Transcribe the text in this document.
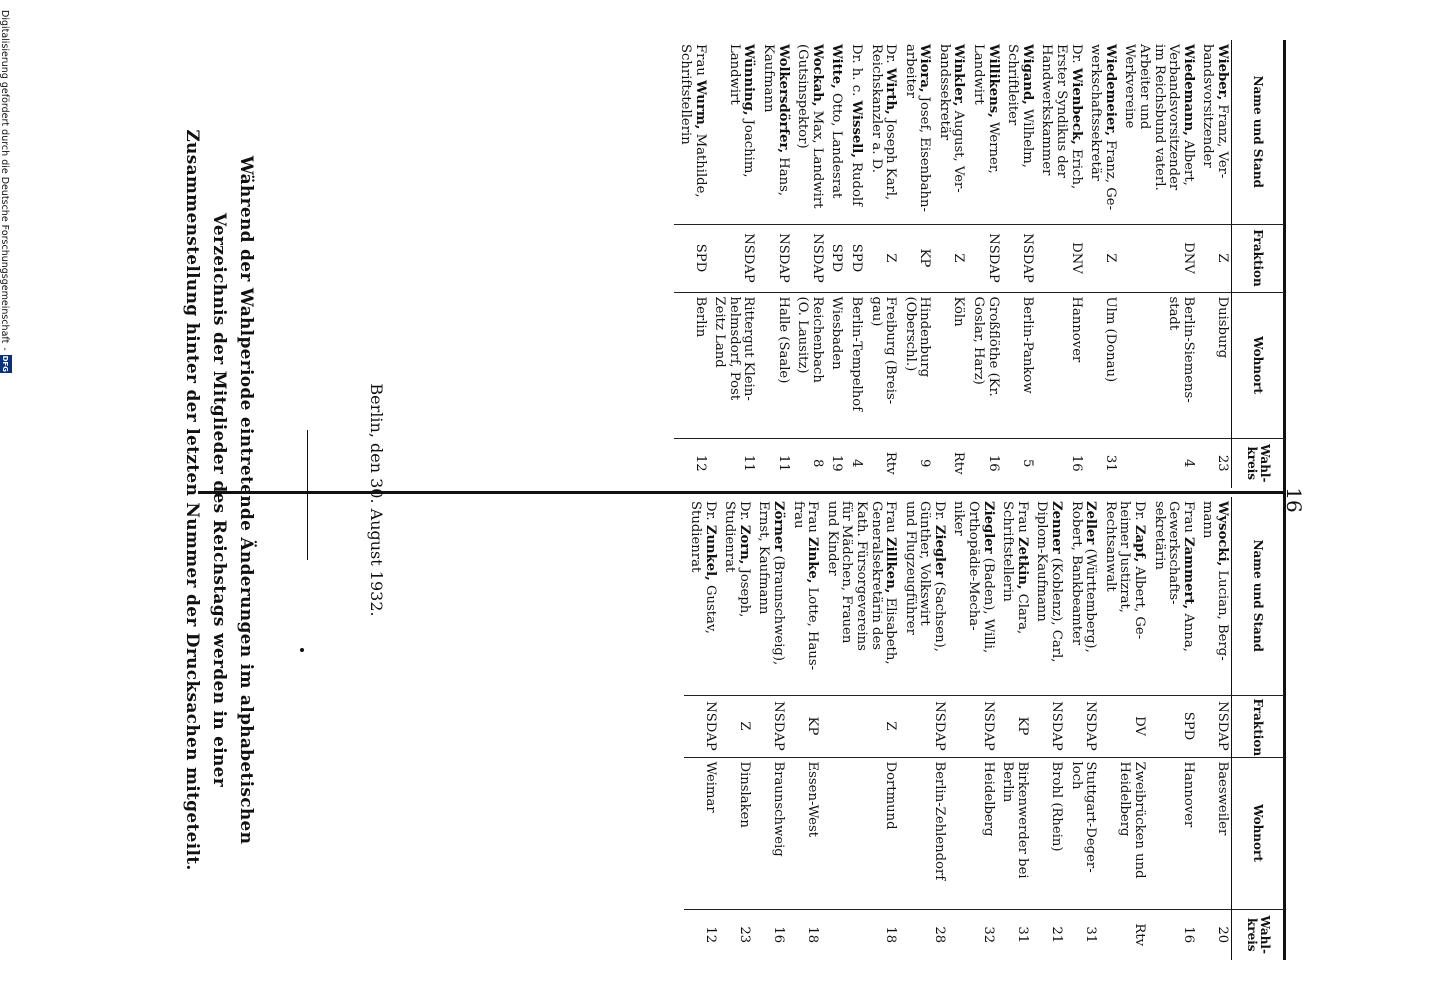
16
Name und Stand	Fraktion	Wohnort	Wahl-
kreis
Wieber, Franz, Ver-
bandsvorsitzender	Z	Duisburg	23
Wiedemann, Albert,
Verbandsvorsitzender
im Reichsbund vaterl.
Arbeiter und
Werkvereine	DNV	Berlin-Siemens-
stadt	4
Wiedemeier, Franz, Ge-
werkschaftssekretär	Z	Ulm (Donau)	31
Dr. Wienbeck, Erich,
Erster Syndikus der
Handwerkskammer	DNV	Hannover	16
Wigand, Wilhelm,
Schriftleiter	NSDAP	Berlin-Pankow	5
Willikens, Werner,
Landwirt	NSDAP	Großflöthe (Kr.
Goslar, Harz)	16
Winkler, August, Ver-
bandssekretär	Z	Köln	Rtv
Wiora, Josef, Eisenbahn-
arbeiter	KP	Hindenburg
(Oberschl.)	9
Dr. Wirth, Joseph Karl,
Reichskanzler a. D.	Z	Freiburg (Breis-
gau)	Rtv
Dr. h. c. Wissell, Rudolf	SPD	Berlin-Tempelhof	4
Witte, Otto, Landesrat	SPD	Wiesbaden	19
Wockah, Max, Landwirt
(Gutsinspektor)	NSDAP	Reichenbach
(O. Lausitz)	8
Wolkersdörfer, Hans,
Kaufmann	NSDAP	Halle (Saale)	11
Wünning, Joachim,
Landwirt	NSDAP	Rittergut Klein-
helmsdorf, Post
Zeitz Land	11
Frau Wurm, Mathilde,
Schriftstellerin	SPD	Berlin	12
Name und Stand	Fraktion	Wohnort	Wahl-
kreis
Wysocki, Lucian, Berg-
mann	NSDAP	Baesweiler	20
Frau Zammert, Anna,
Gewerkschafts-
sekretärin	SPD	Hannover	16
Dr. Zapf, Albert, Ge-
heimer Justizrat,
Rechtsanwalt	DV	Zweibrücken und
Heidelberg	Rtv
Zeller (Württemberg),
Robert, Bankbeamter	NSDAP	Stuttgart-Deger-
loch	31
Zenner (Koblenz), Carl,
Diplom-Kaufmann	NSDAP	Brohl (Rhein)	21
Frau Zetkin, Clara,
Schriftstellerin	KP	Birkenwerder bei
Berlin	31
Ziegler (Baden), Willi,
Orthopädie-Mecha-
niker	NSDAP	Heidelberg	32
Dr. Ziegler (Sachsen),
Günther, Volkswirt
und Flugzeugführer	NSDAP	Berlin-Zehlendorf	28
Frau Zillken, Elisabeth,
Generalsekretärin des
Kath. Fürsorgevereins
für Mädchen, Frauen
und Kinder	Z	Dortmund	18
Frau Zinke, Lotte, Haus-
frau	KP	Essen-West	18
Zörner (Braunschweig),
Ernst, Kaufmann	NSDAP	Braunschweig	16
Dr. Zorn, Joseph,
Studienrat	Z	Dinslaken	23
Dr. Zunkel, Gustav,
Studienrat	NSDAP	Weimar	12
Berlin, den 30. August 1932.
Während der Wahlperiode eintretende Änderungen im alphabetischen Verzeichnis der Mitglieder des Reichstags werden in einer Zusammenstellung hinter der letzten Nummer der Drucksachen mitgeteilt.
Digitalisierung gefördert durch die Deutsche Forschungsgemeinschaft
-
DFG
